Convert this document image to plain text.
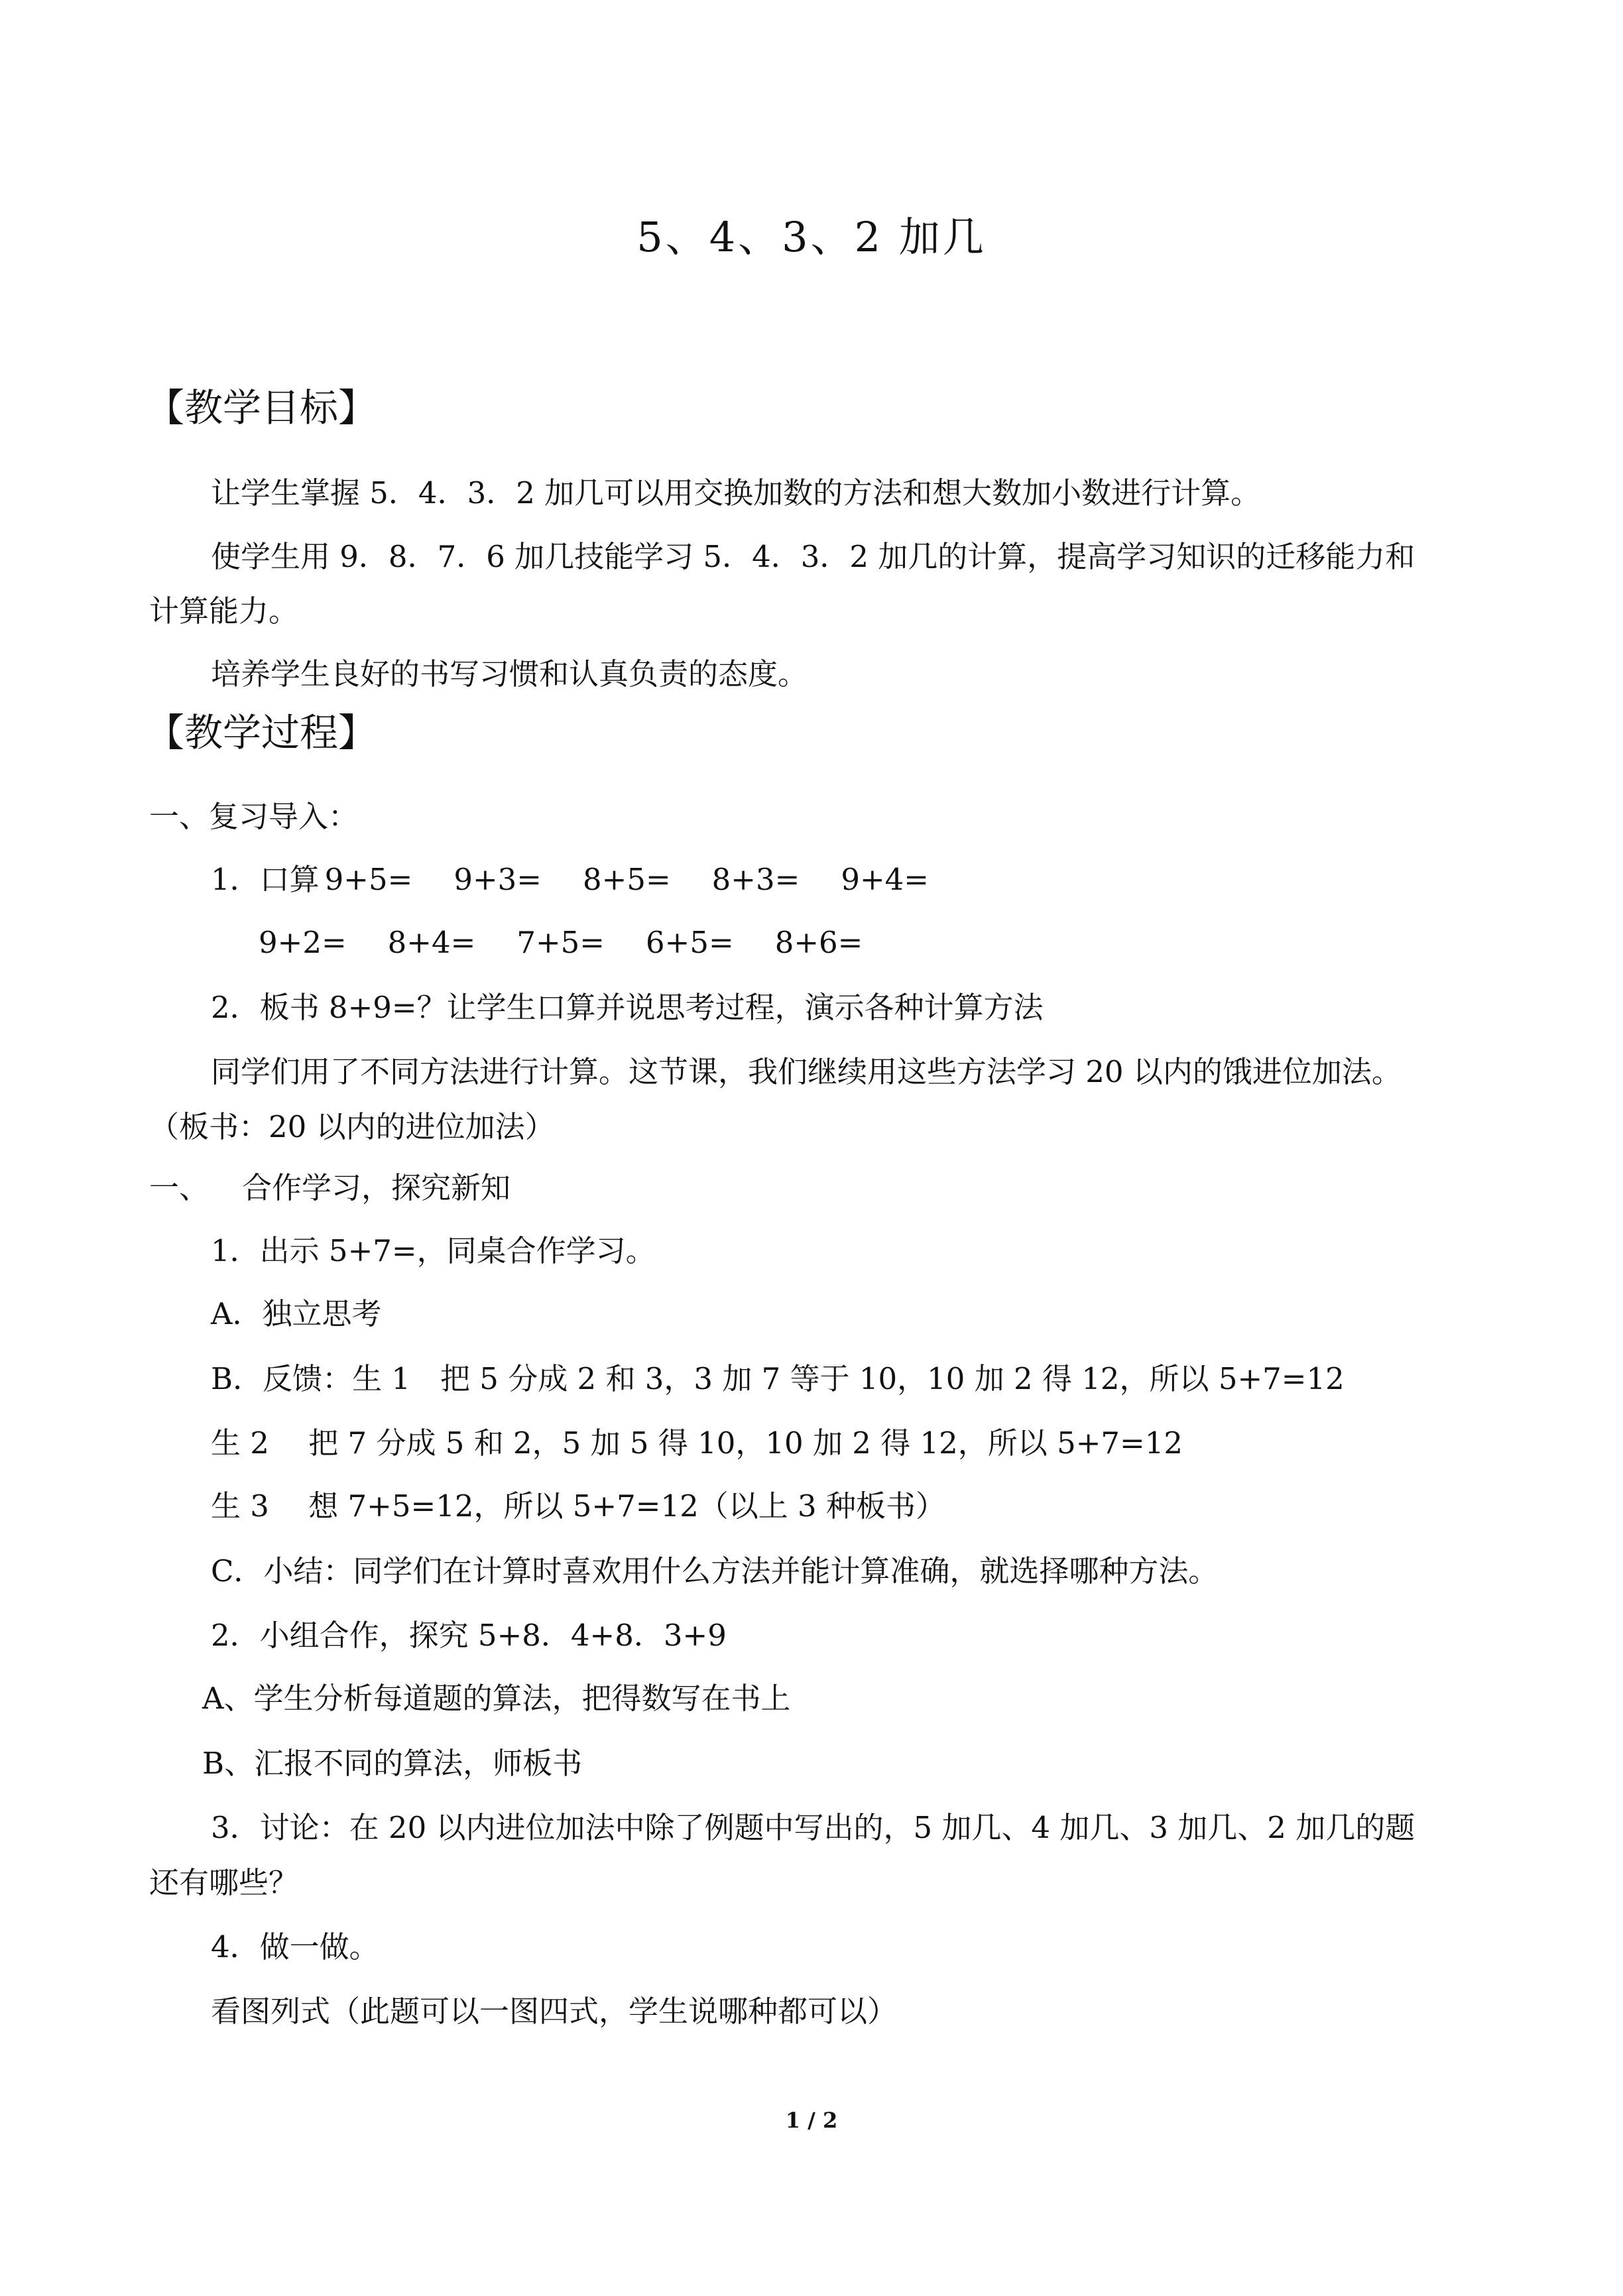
5、4、3、2 加几
【教学目标】
让学生掌握 5．4．3．2 加几可以用交换加数的方法和想大数加小数进行计算。
使学生用 9．8．7．6 加几技能学习 5．4．3．2 加几的计算，提高学习知识的迁移能力和
计算能力。
培养学生良好的书写习惯和认真负责的态度。
【教学过程】
一、复习导入：
1．口算 9+5= 9+3= 8+5= 8+3= 9+4=
9+2= 8+4= 7+5= 6+5= 8+6=
2．板书 8+9=？让学生口算并说思考过程，演示各种计算方法
同学们用了不同方法进行计算。这节课，我们继续用这些方法学习 20 以内的饿进位加法。
（板书：20 以内的进位加法）
一、 合作学习，探究新知
1．出示 5+7=，同桌合作学习。
A．独立思考
B．反馈：生 1　把 5 分成 2 和 3，3 加 7 等于 10，10 加 2 得 12，所以 5+7=12
生 2　 把 7 分成 5 和 2，5 加 5 得 10，10 加 2 得 12，所以 5+7=12
生 3　 想 7+5=12，所以 5+7=12（以上 3 种板书）
C．小结：同学们在计算时喜欢用什么方法并能计算准确，就选择哪种方法。
2．小组合作，探究 5+8．4+8．3+9
A、学生分析每道题的算法，把得数写在书上
B、汇报不同的算法，师板书
3．讨论：在 20 以内进位加法中除了例题中写出的，5 加几、4 加几、3 加几、2 加几的题
还有哪些？
4．做一做。
看图列式（此题可以一图四式，学生说哪种都可以）
1 / 2
